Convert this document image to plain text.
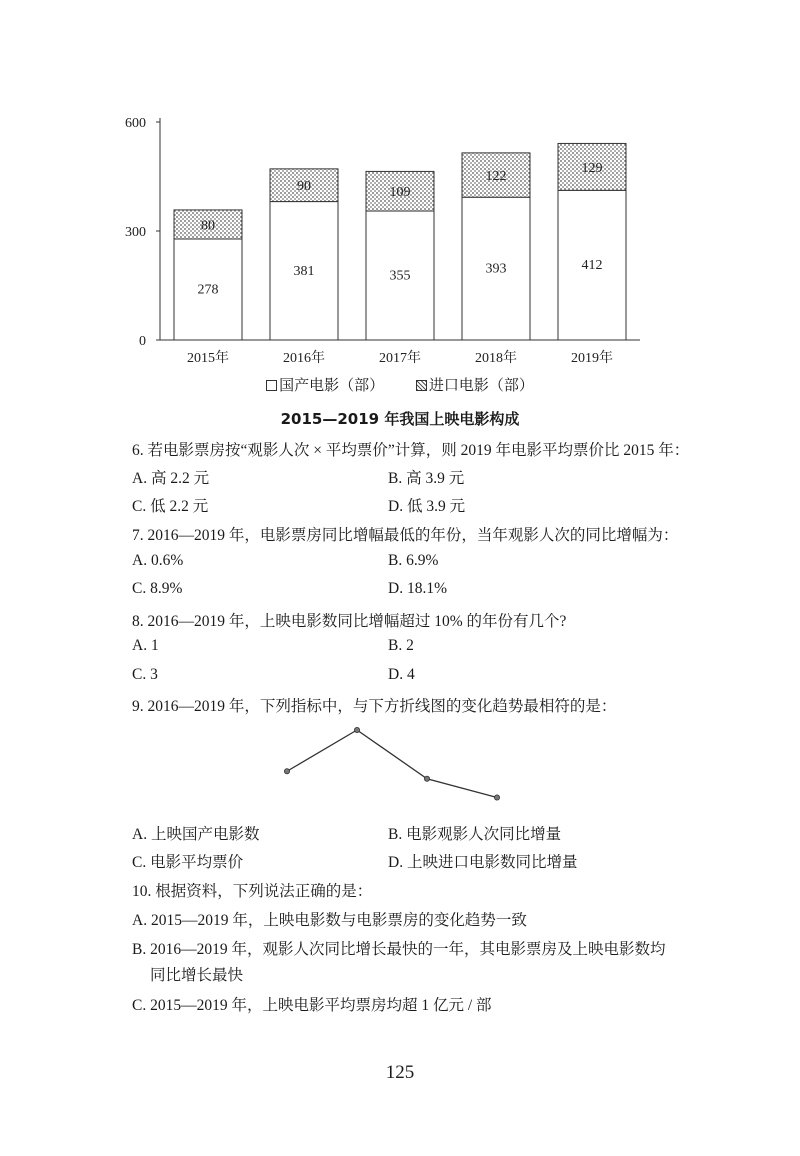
0
300
600
278
80
2015年
381
90
2016年
355
109
2017年
393
122
2018年
412
129
2019年
国产电影（部）	进口电影（部）
2015—2019 年我国上映电影构成
6. 若电影票房按“观影人次 × 平均票价”计算，则 2019 年电影平均票价比 2015 年：
A. 高 2.2 元	B. 高 3.9 元
C. 低 2.2 元	D. 低 3.9 元
7. 2016—2019 年，电影票房同比增幅最低的年份，当年观影人次的同比增幅为：
A. 0.6%	B. 6.9%
C. 8.9%	D. 18.1%
8. 2016—2019 年，上映电影数同比增幅超过 10% 的年份有几个?
A. 1	B. 2
C. 3	D. 4
9. 2016—2019 年，下列指标中，与下方折线图的变化趋势最相符的是：
A. 上映国产电影数	B. 电影观影人次同比增量
C. 电影平均票价	D. 上映进口电影数同比增量
10. 根据资料，下列说法正确的是：
A. 2015—2019 年，上映电影数与电影票房的变化趋势一致
B. 2016—2019 年，观影人次同比增长最快的一年，其电影票房及上映电影数均
同比增长最快
C. 2015—2019 年，上映电影平均票房均超 1 亿元 / 部
125
